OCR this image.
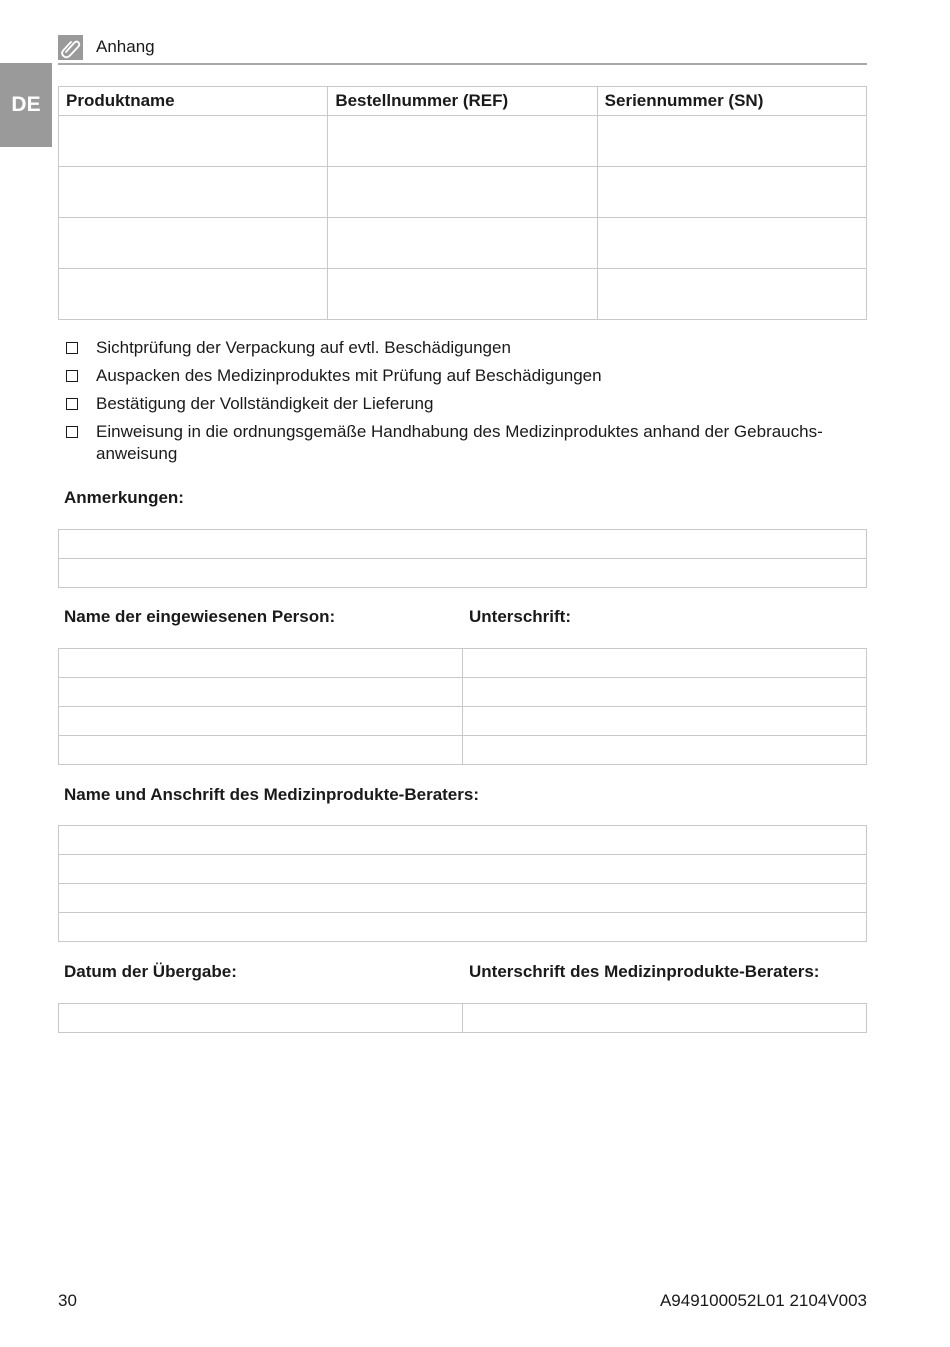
Anhang
DE	Produktname	Bestellnummer (REF)	Seriennummer (SN)

Sichtprüfung der Verpackung auf evtl. Beschädigungen
Auspacken des Medizinproduktes mit Prüfung auf Beschädigungen
Bestätigung der Vollständigkeit der Lieferung
Einweisung in die ordnungsgemäße Handhabung des Medizinproduktes anhand der Gebrauchs-anweisung
Anmerkungen:

Name der eingewiesenen Person:	Unterschrift:

Name und Anschrift des Medizinprodukte-Beraters:

Datum der Übergabe:	Unterschrift des Medizinprodukte-Beraters:

30	A949100052L01 2104V003
